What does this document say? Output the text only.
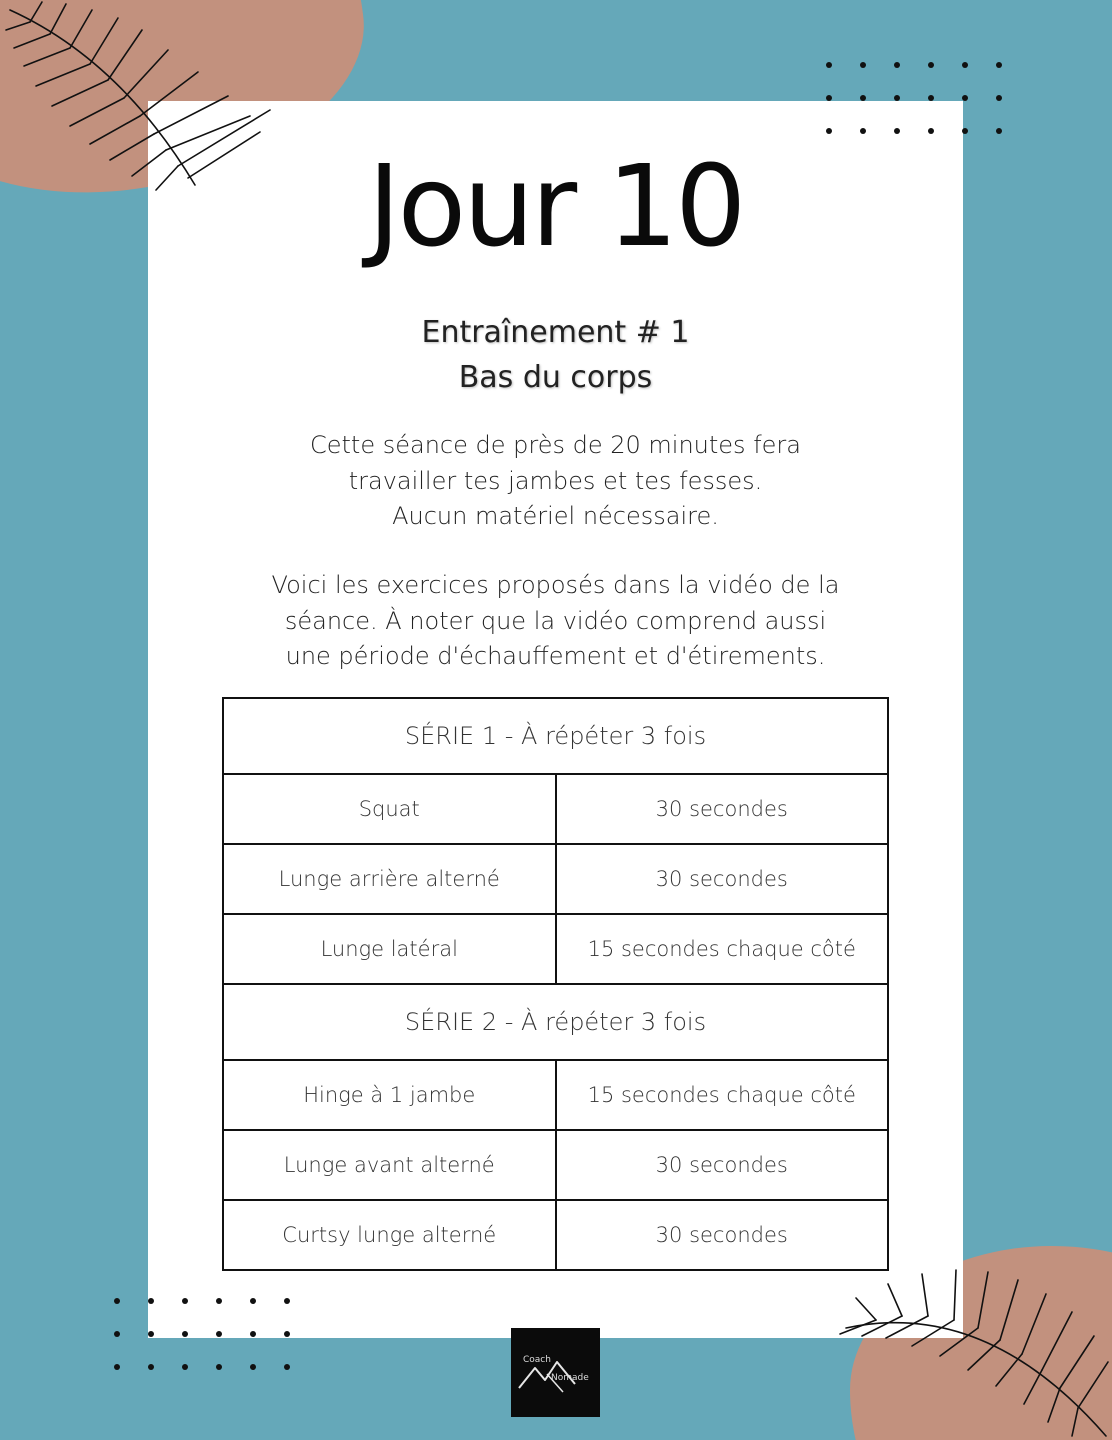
Jour 10
Entraînement # 1
Bas du corps

Cette séance de près de 20 minutes fera
travailler tes jambes et tes fesses.
Aucun matériel nécessaire.

Voici les exercices proposés dans la vidéo de la
séance. À noter que la vidéo comprend aussi
une période d'échauffement et d'étirements.

SÉRIE 1 - À répéter 3 fois	
Squat	30 secondes
Lunge arrière alterné	30 secondes
Lunge latéral	15 secondes chaque côté
SÉRIE 2 - À répéter 3 fois	
Hinge à 1 jambe	15 secondes chaque côté
Lunge avant alterné	30 secondes
Curtsy lunge alterné	30 secondes
Coach
Nomade
